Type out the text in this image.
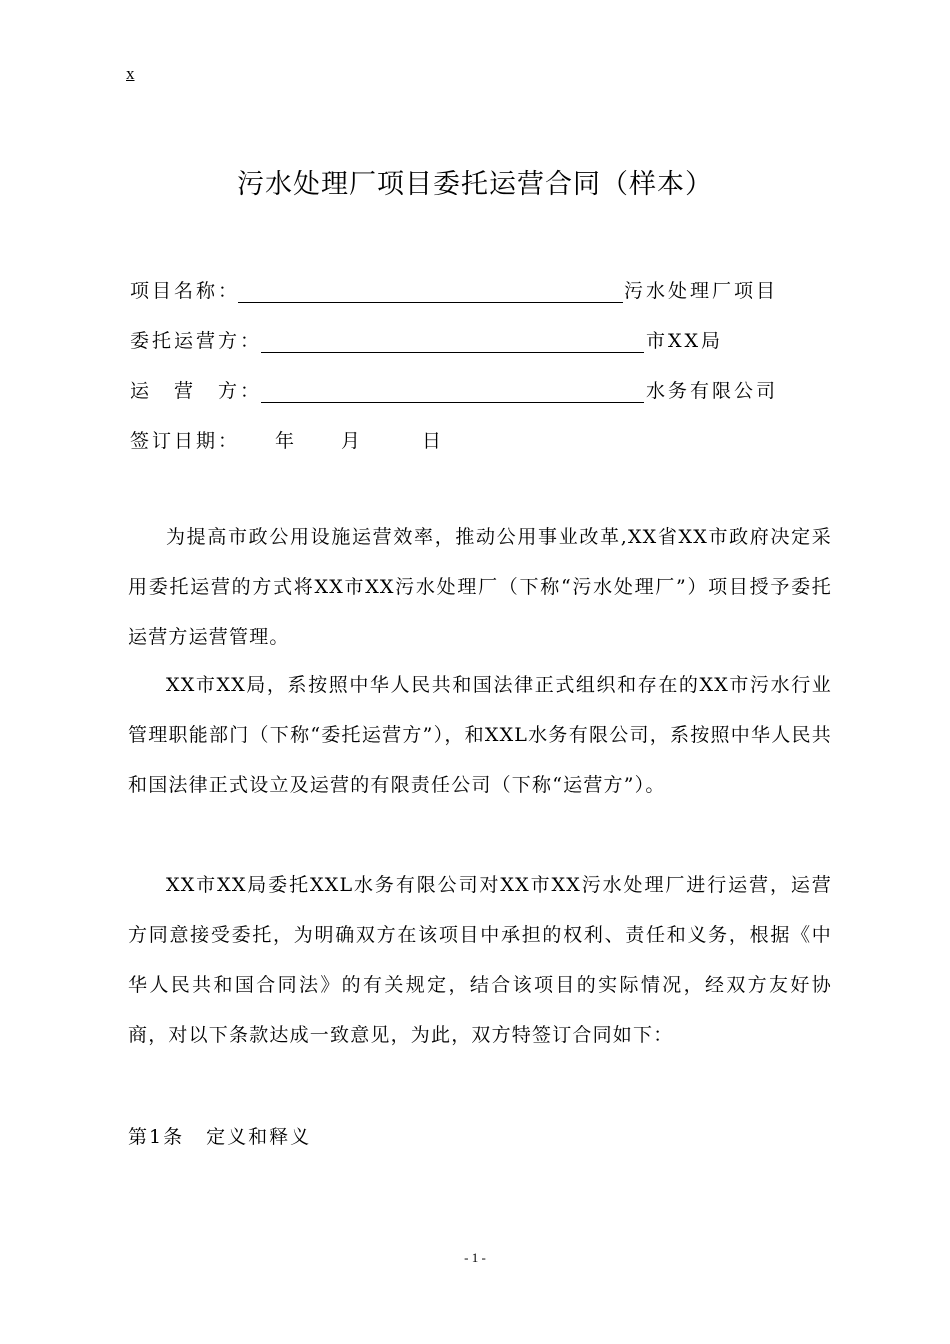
x
污水处理厂项目委托运营合同（样本）
项目名称：	污水处理厂项目
委托运营方：	市XX局
运　营　方：	水务有限公司
签订日期： 年 月	日

为提高市政公用设施运营效率，推动公用事业改革,XX省XX市政府决定采用委托运营的方式将XX市XX污水处理厂（下称“污水处理厂”）项目授予委托运营方运营管理。

XX市XX局，系按照中华人民共和国法律正式组织和存在的XX市污水行业管理职能部门（下称“委托运营方”），和XXL水务有限公司，系按照中华人民共和国法律正式设立及运营的有限责任公司（下称“运营方”）。

XX市XX局委托XXL水务有限公司对XX市XX污水处理厂进行运营，运营方同意接受委托，为明确双方在该项目中承担的权利、责任和义务，根据《中华人民共和国合同法》的有关规定，结合该项目的实际情况，经双方友好协商，对以下条款达成一致意见，为此，双方特签订合同如下：

第1条 定义和释义
- 1 -
